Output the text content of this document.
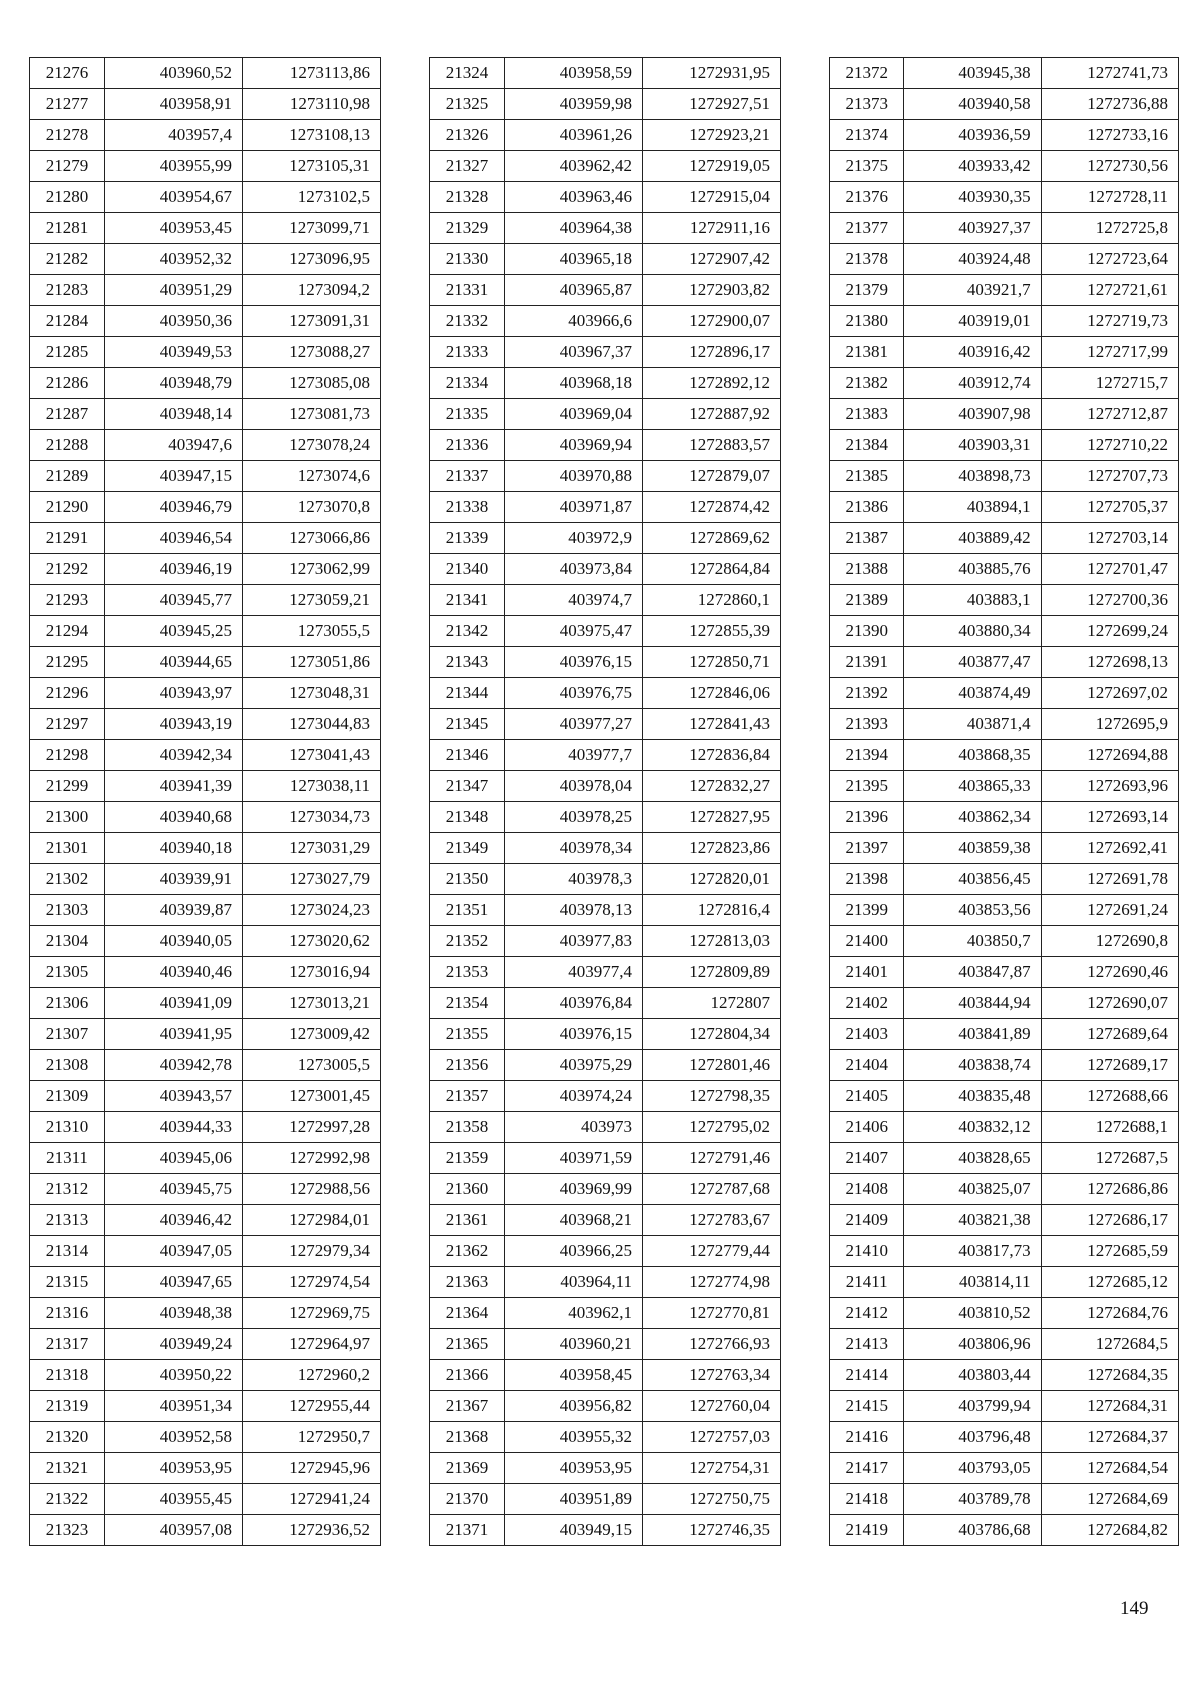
21276	403960,52	1273113,86
21277	403958,91	1273110,98
21278	403957,4	1273108,13
21279	403955,99	1273105,31
21280	403954,67	1273102,5
21281	403953,45	1273099,71
21282	403952,32	1273096,95
21283	403951,29	1273094,2
21284	403950,36	1273091,31
21285	403949,53	1273088,27
21286	403948,79	1273085,08
21287	403948,14	1273081,73
21288	403947,6	1273078,24
21289	403947,15	1273074,6
21290	403946,79	1273070,8
21291	403946,54	1273066,86
21292	403946,19	1273062,99
21293	403945,77	1273059,21
21294	403945,25	1273055,5
21295	403944,65	1273051,86
21296	403943,97	1273048,31
21297	403943,19	1273044,83
21298	403942,34	1273041,43
21299	403941,39	1273038,11
21300	403940,68	1273034,73
21301	403940,18	1273031,29
21302	403939,91	1273027,79
21303	403939,87	1273024,23
21304	403940,05	1273020,62
21305	403940,46	1273016,94
21306	403941,09	1273013,21
21307	403941,95	1273009,42
21308	403942,78	1273005,5
21309	403943,57	1273001,45
21310	403944,33	1272997,28
21311	403945,06	1272992,98
21312	403945,75	1272988,56
21313	403946,42	1272984,01
21314	403947,05	1272979,34
21315	403947,65	1272974,54
21316	403948,38	1272969,75
21317	403949,24	1272964,97
21318	403950,22	1272960,2
21319	403951,34	1272955,44
21320	403952,58	1272950,7
21321	403953,95	1272945,96
21322	403955,45	1272941,24
21323	403957,08	1272936,52
21324	403958,59	1272931,95
21325	403959,98	1272927,51
21326	403961,26	1272923,21
21327	403962,42	1272919,05
21328	403963,46	1272915,04
21329	403964,38	1272911,16
21330	403965,18	1272907,42
21331	403965,87	1272903,82
21332	403966,6	1272900,07
21333	403967,37	1272896,17
21334	403968,18	1272892,12
21335	403969,04	1272887,92
21336	403969,94	1272883,57
21337	403970,88	1272879,07
21338	403971,87	1272874,42
21339	403972,9	1272869,62
21340	403973,84	1272864,84
21341	403974,7	1272860,1
21342	403975,47	1272855,39
21343	403976,15	1272850,71
21344	403976,75	1272846,06
21345	403977,27	1272841,43
21346	403977,7	1272836,84
21347	403978,04	1272832,27
21348	403978,25	1272827,95
21349	403978,34	1272823,86
21350	403978,3	1272820,01
21351	403978,13	1272816,4
21352	403977,83	1272813,03
21353	403977,4	1272809,89
21354	403976,84	1272807
21355	403976,15	1272804,34
21356	403975,29	1272801,46
21357	403974,24	1272798,35
21358	403973	1272795,02
21359	403971,59	1272791,46
21360	403969,99	1272787,68
21361	403968,21	1272783,67
21362	403966,25	1272779,44
21363	403964,11	1272774,98
21364	403962,1	1272770,81
21365	403960,21	1272766,93
21366	403958,45	1272763,34
21367	403956,82	1272760,04
21368	403955,32	1272757,03
21369	403953,95	1272754,31
21370	403951,89	1272750,75
21371	403949,15	1272746,35
21372	403945,38	1272741,73
21373	403940,58	1272736,88
21374	403936,59	1272733,16
21375	403933,42	1272730,56
21376	403930,35	1272728,11
21377	403927,37	1272725,8
21378	403924,48	1272723,64
21379	403921,7	1272721,61
21380	403919,01	1272719,73
21381	403916,42	1272717,99
21382	403912,74	1272715,7
21383	403907,98	1272712,87
21384	403903,31	1272710,22
21385	403898,73	1272707,73
21386	403894,1	1272705,37
21387	403889,42	1272703,14
21388	403885,76	1272701,47
21389	403883,1	1272700,36
21390	403880,34	1272699,24
21391	403877,47	1272698,13
21392	403874,49	1272697,02
21393	403871,4	1272695,9
21394	403868,35	1272694,88
21395	403865,33	1272693,96
21396	403862,34	1272693,14
21397	403859,38	1272692,41
21398	403856,45	1272691,78
21399	403853,56	1272691,24
21400	403850,7	1272690,8
21401	403847,87	1272690,46
21402	403844,94	1272690,07
21403	403841,89	1272689,64
21404	403838,74	1272689,17
21405	403835,48	1272688,66
21406	403832,12	1272688,1
21407	403828,65	1272687,5
21408	403825,07	1272686,86
21409	403821,38	1272686,17
21410	403817,73	1272685,59
21411	403814,11	1272685,12
21412	403810,52	1272684,76
21413	403806,96	1272684,5
21414	403803,44	1272684,35
21415	403799,94	1272684,31
21416	403796,48	1272684,37
21417	403793,05	1272684,54
21418	403789,78	1272684,69
21419	403786,68	1272684,82
149
